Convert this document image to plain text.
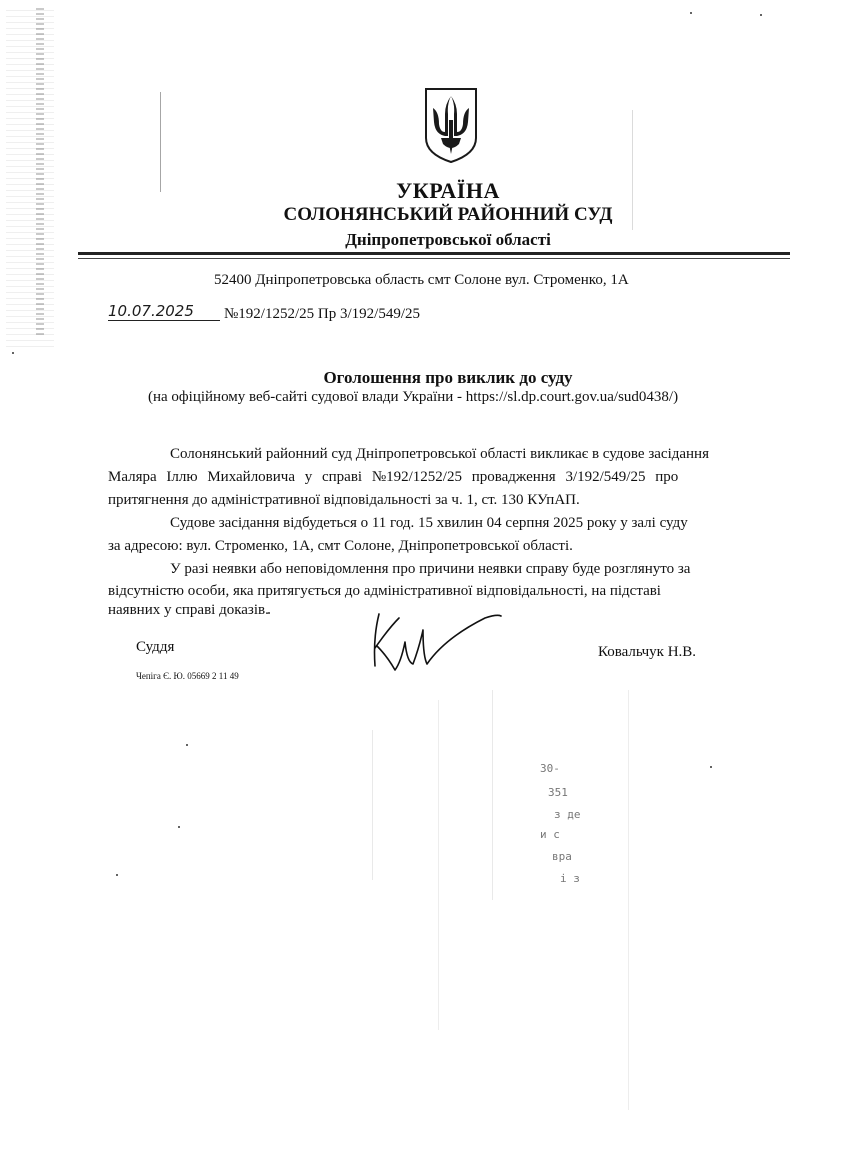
30-
351
з де
и с
вра
і з
УКРАЇНА
СОЛОНЯНСЬКИЙ РАЙОННИЙ СУД
Дніпропетровської області
52400 Дніпропетровська область смт Солоне вул. Строменко, 1А
10.07.2025	№192/1252/25 Пр 3/192/549/25
Оголошення про виклик до суду
(на офіційному веб-сайті судової влади України - https://sl.dp.court.gov.ua/sud0438/)
Солонянський районний суд Дніпропетровської області викликає в судове засідання
Маляра Іллю Михайловича у справі №192/1252/25 провадження 3/192/549/25 про
притягнення до адміністративної відповідальності за ч. 1, ст. 130 КУпАП.
Судове засідання відбудеться о 11 год. 15 хвилин 04 серпня 2025 року у залі суду
за адресою: вул. Строменко, 1А, смт Солоне, Дніпропетровської області.
У разі неявки або неповідомлення про причини неявки справу буде розглянуто за
відсутністю особи, яка притягується до адміністративної відповідальності, на підставі
наявних у справі доказів.
Суддя	Ковальчук Н.В.
Чепіга Є. Ю. 05669 2 11 49
